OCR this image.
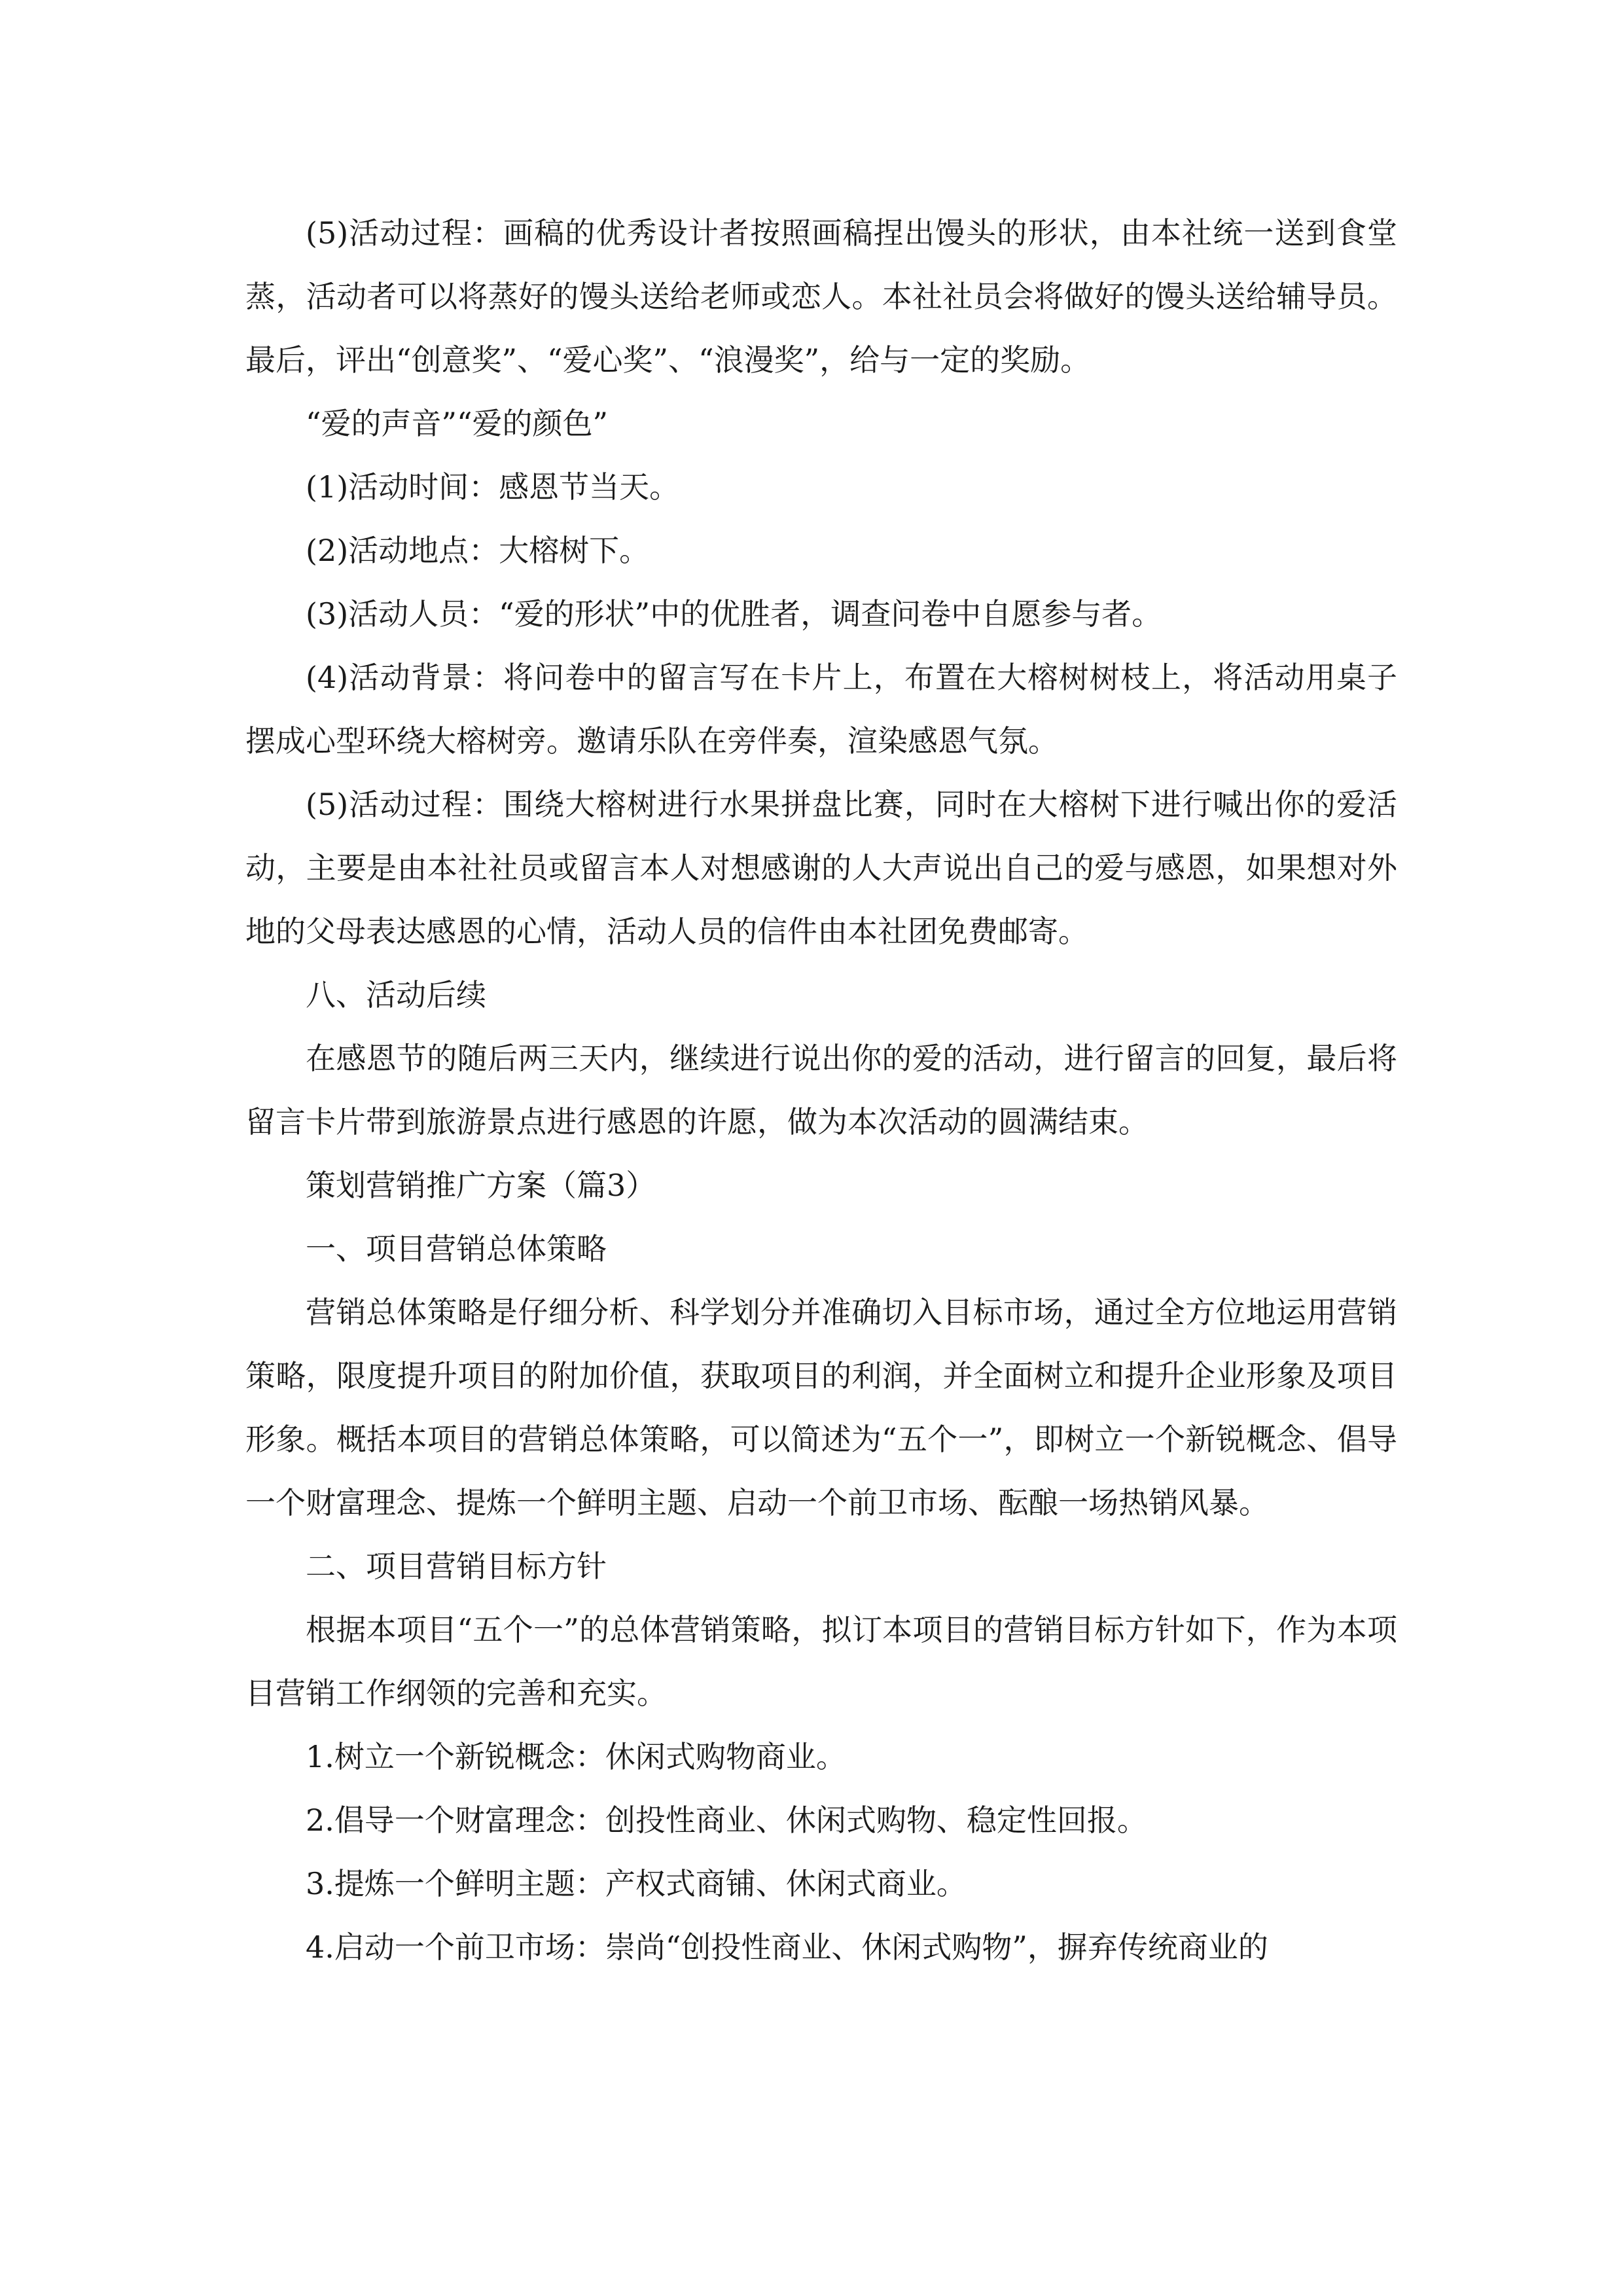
(5)活动过程：画稿的优秀设计者按照画稿捏出馒头的形状，由本社统一送到食堂蒸，活动者可以将蒸好的馒头送给老师或恋人。本社社员会将做好的馒头送给辅导员。最后，评出“创意奖”、“爱心奖”、“浪漫奖”，给与一定的奖励。

“爱的声音”“爱的颜色”

(1)活动时间：感恩节当天。

(2)活动地点：大榕树下。

(3)活动人员：“爱的形状”中的优胜者，调查问卷中自愿参与者。

(4)活动背景：将问卷中的留言写在卡片上，布置在大榕树树枝上，将活动用桌子摆成心型环绕大榕树旁。邀请乐队在旁伴奏，渲染感恩气氛。

(5)活动过程：围绕大榕树进行水果拼盘比赛，同时在大榕树下进行喊出你的爱活动，主要是由本社社员或留言本人对想感谢的人大声说出自己的爱与感恩，如果想对外地的父母表达感恩的心情，活动人员的信件由本社团免费邮寄。

八、活动后续

在感恩节的随后两三天内，继续进行说出你的爱的活动，进行留言的回复，最后将留言卡片带到旅游景点进行感恩的许愿，做为本次活动的圆满结束。

策划营销推广方案（篇3）

一、项目营销总体策略

营销总体策略是仔细分析、科学划分并准确切入目标市场，通过全方位地运用营销策略，限度提升项目的附加价值，获取项目的利润，并全面树立和提升企业形象及项目形象。概括本项目的营销总体策略，可以简述为“五个一”，即树立一个新锐概念、倡导一个财富理念、提炼一个鲜明主题、启动一个前卫市场、酝酿一场热销风暴。

二、项目营销目标方针

根据本项目“五个一”的总体营销策略，拟订本项目的营销目标方针如下，作为本项目营销工作纲领的完善和充实。

1.树立一个新锐概念：休闲式购物商业。

2.倡导一个财富理念：创投性商业、休闲式购物、稳定性回报。

3.提炼一个鲜明主题：产权式商铺、休闲式商业。

4.启动一个前卫市场：崇尚“创投性商业、休闲式购物”，摒弃传统商业的
